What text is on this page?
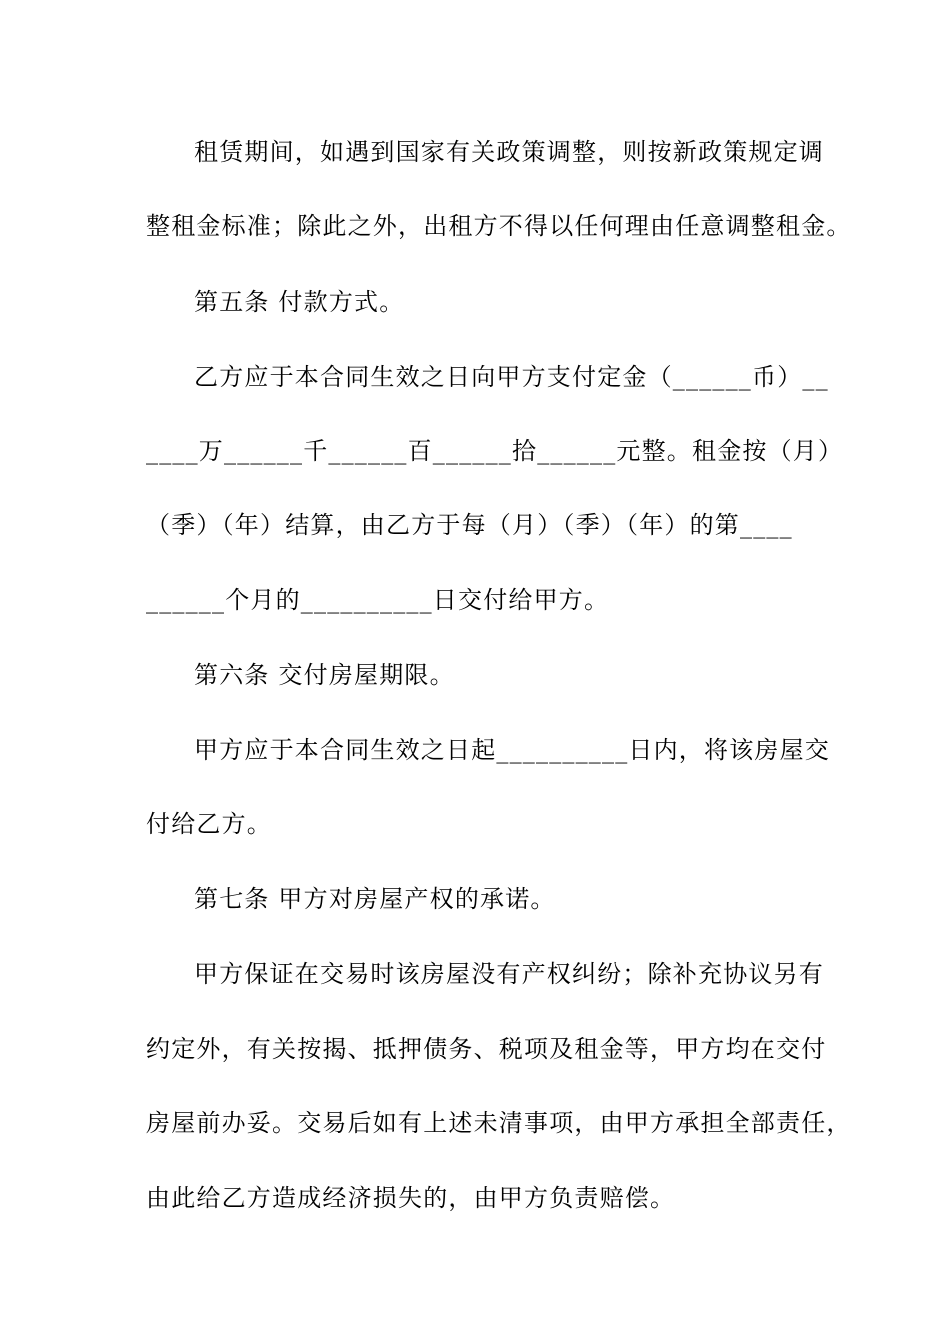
租赁期间，如遇到国家有关政策调整，则按新政策规定调
整租金标准；除此之外，出租方不得以任何理由任意调整租金。
第五条 付款方式。
乙方应于本合同生效之日向甲方支付定金（______币）__
____万______千______百______拾______元整。租金按（月）
（季）（年）结算，由乙方于每（月）（季）（年）的第____
______个月的__________日交付给甲方。
第六条 交付房屋期限。
甲方应于本合同生效之日起__________日内，将该房屋交
付给乙方。
第七条 甲方对房屋产权的承诺。
甲方保证在交易时该房屋没有产权纠纷；除补充协议另有
约定外，有关按揭、抵押债务、税项及租金等，甲方均在交付
房屋前办妥。交易后如有上述未清事项，由甲方承担全部责任，
由此给乙方造成经济损失的，由甲方负责赔偿。
